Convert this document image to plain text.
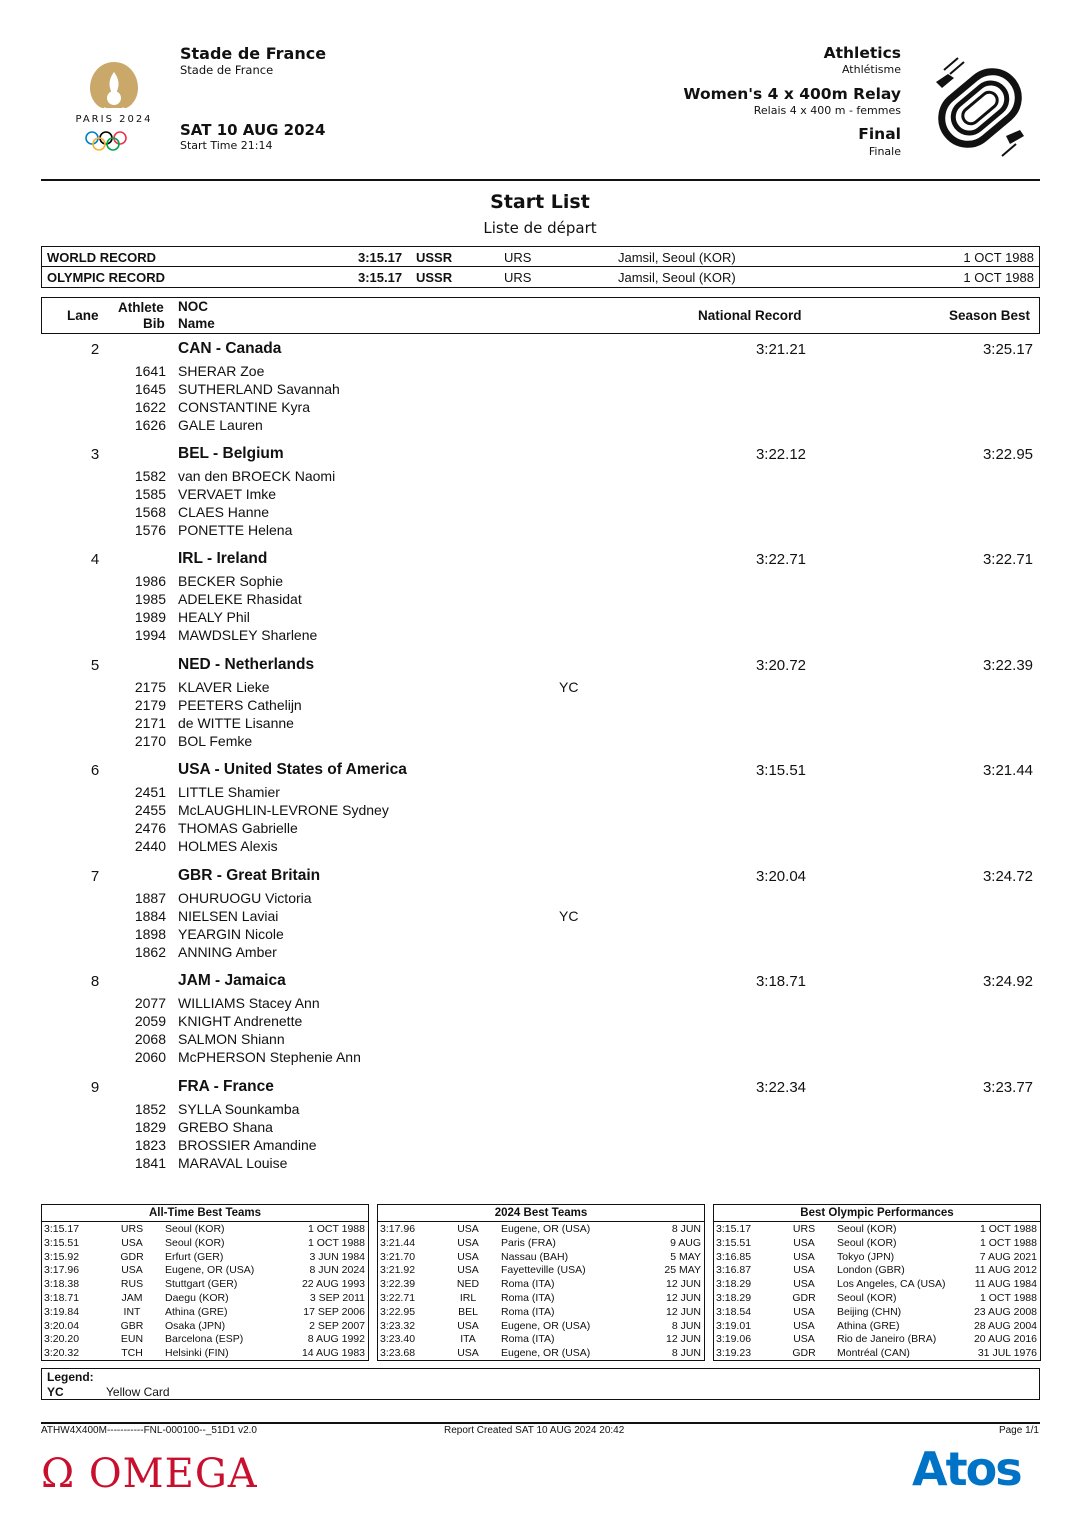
PARIS 2024
Stade de France
Stade de France
SAT 10 AUG 2024
Start Time 21:14
Athletics
Athlétisme
Women's 4 x 400m Relay
Relais 4 x 400 m - femmes
Final
Finale
Start List
Liste de départ
WORLD RECORD	3:15.17 USSR	URS	Jamsil, Seoul (KOR)	1 OCT 1988
OLYMPIC RECORD	3:15.17 USSR	URS	Jamsil, Seoul (KOR)	1 OCT 1988
Lane
Athlete
Bib
NOC
Name
National Record	Season Best
2	CAN - Canada	3:21.21	3:25.17
1641 SHERAR Zoe
1645 SUTHERLAND Savannah
1622 CONSTANTINE Kyra
1626 GALE Lauren
3	BEL - Belgium	3:22.12	3:22.95
1582 van den BROECK Naomi
1585 VERVAET Imke
1568 CLAES Hanne
1576 PONETTE Helena
4	IRL - Ireland	3:22.71	3:22.71
1986 BECKER Sophie
1985 ADELEKE Rhasidat
1989 HEALY Phil
1994 MAWDSLEY Sharlene
5	NED - Netherlands	3:20.72	3:22.39
2175 KLAVER Lieke	YC
2179 PEETERS Cathelijn
2171 de WITTE Lisanne
2170 BOL Femke
6	USA - United States of America	3:15.51	3:21.44
2451 LITTLE Shamier
2455 McLAUGHLIN-LEVRONE Sydney
2476 THOMAS Gabrielle
2440 HOLMES Alexis
7	GBR - Great Britain	3:20.04	3:24.72
1887 OHURUOGU Victoria
1884 NIELSEN Laviai	YC
1898 YEARGIN Nicole
1862 ANNING Amber
8	JAM - Jamaica	3:18.71	3:24.92
2077 WILLIAMS Stacey Ann
2059 KNIGHT Andrenette
2068 SALMON Shiann
2060 McPHERSON Stephenie Ann
9	FRA - France	3:22.34	3:23.77
1852 SYLLA Sounkamba
1829 GREBO Shana
1823 BROSSIER Amandine
1841 MARAVAL Louise
All-Time Best Teams
3:15.17	URS	Seoul (KOR)	1 OCT 1988
3:15.51	USA	Seoul (KOR)	1 OCT 1988
3:15.92	GDR	Erfurt (GER)	3 JUN 1984
3:17.96	USA	Eugene, OR (USA)	8 JUN 2024
3:18.38	RUS	Stuttgart (GER)	22 AUG 1993
3:18.71	JAM	Daegu (KOR)	3 SEP 2011
3:19.84	INT	Athina (GRE)	17 SEP 2006
3:20.04	GBR	Osaka (JPN)	2 SEP 2007
3:20.20	EUN	Barcelona (ESP)	8 AUG 1992
3:20.32	TCH	Helsinki (FIN)	14 AUG 1983
2024 Best Teams
3:17.96	USA	Eugene, OR (USA)	8 JUN
3:21.44	USA	Paris (FRA)	9 AUG
3:21.70	USA	Nassau (BAH)	5 MAY
3:21.92	USA	Fayetteville (USA)	25 MAY
3:22.39	NED	Roma (ITA)	12 JUN
3:22.71	IRL	Roma (ITA)	12 JUN
3:22.95	BEL	Roma (ITA)	12 JUN
3:23.32	USA	Eugene, OR (USA)	8 JUN
3:23.40	ITA	Roma (ITA)	12 JUN
3:23.68	USA	Eugene, OR (USA)	8 JUN
Best Olympic Performances
3:15.17	URS	Seoul (KOR)	1 OCT 1988
3:15.51	USA	Seoul (KOR)	1 OCT 1988
3:16.85	USA	Tokyo (JPN)	7 AUG 2021
3:16.87	USA	London (GBR)	11 AUG 2012
3:18.29	USA	Los Angeles, CA (USA)	11 AUG 1984
3:18.29	GDR	Seoul (KOR)	1 OCT 1988
3:18.54	USA	Beijing (CHN)	23 AUG 2008
3:19.01	USA	Athina (GRE)	28 AUG 2004
3:19.06	USA	Rio de Janeiro (BRA)	20 AUG 2016
3:19.23	GDR	Montréal (CAN)	31 JUL 1976
Legend:
YC	Yellow Card
ATHW4X400M-----------FNL-000100--_51D1 v2.0	Report Created SAT 10 AUG 2024 20:42	Page 1/1
Ω OMEGA	Atos
